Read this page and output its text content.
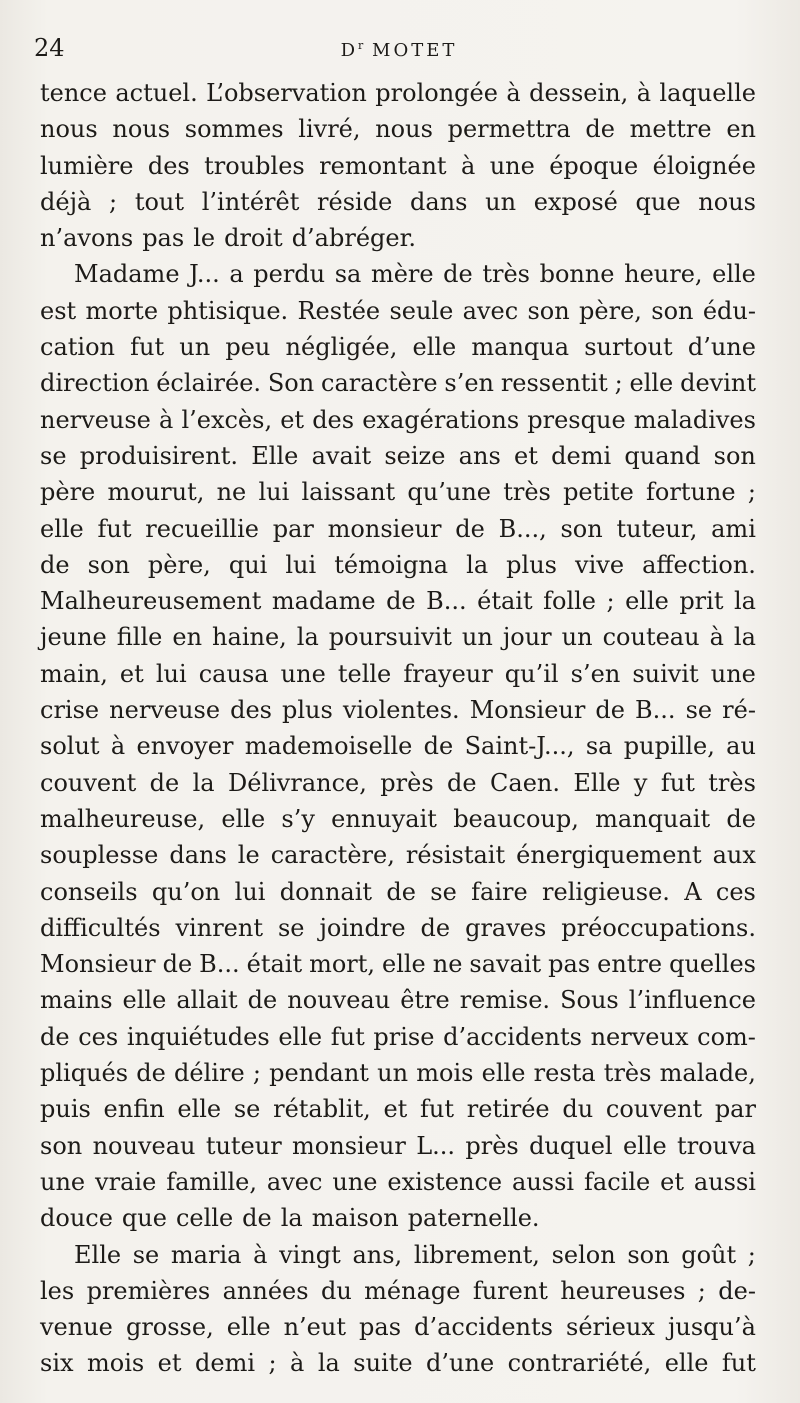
24	$D^r$ MOTET
tence actuel. L’observation prolongée à dessein, à laquelle
nous nous sommes livré, nous permettra de mettre en
lumière des troubles remontant à une époque éloignée
déjà ; tout l’intérêt réside dans un exposé que nous
n’avons pas le droit d’abréger.
Madame J... a perdu sa mère de très bonne heure, elle
est morte phtisique. Restée seule avec son père, son édu-
cation fut un peu négligée, elle manqua surtout d’une
direction éclairée. Son caractère s’en ressentit ; elle devint
nerveuse à l’excès, et des exagérations presque maladives
se produisirent. Elle avait seize ans et demi quand son
père mourut, ne lui laissant qu’une très petite fortune ;
elle fut recueillie par monsieur de B..., son tuteur, ami
de son père, qui lui témoigna la plus vive affection.
Malheureusement madame de B... était folle ; elle prit la
jeune fille en haine, la poursuivit un jour un couteau à la
main, et lui causa une telle frayeur qu’il s’en suivit une
crise nerveuse des plus violentes. Monsieur de B... se ré-
solut à envoyer mademoiselle de Saint-J..., sa pupille, au
couvent de la Délivrance, près de Caen. Elle y fut très
malheureuse, elle s’y ennuyait beaucoup, manquait de
souplesse dans le caractère, résistait énergiquement aux
conseils qu’on lui donnait de se faire religieuse. A ces
difficultés vinrent se joindre de graves préoccupations.
Monsieur de B... était mort, elle ne savait pas entre quelles
mains elle allait de nouveau être remise. Sous l’influence
de ces inquiétudes elle fut prise d’accidents nerveux com-
pliqués de délire ; pendant un mois elle resta très malade,
puis enfin elle se rétablit, et fut retirée du couvent par
son nouveau tuteur monsieur L... près duquel elle trouva
une vraie famille, avec une existence aussi facile et aussi
douce que celle de la maison paternelle.
Elle se maria à vingt ans, librement, selon son goût ;
les premières années du ménage furent heureuses ; de-
venue grosse, elle n’eut pas d’accidents sérieux jusqu’à
six mois et demi ; à la suite d’une contrariété, elle fut
